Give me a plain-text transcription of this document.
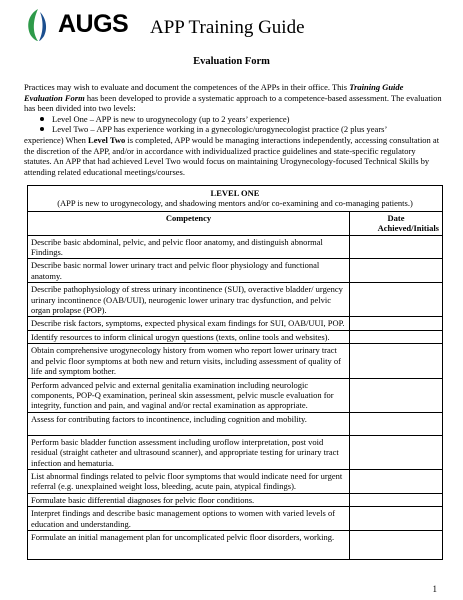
AUGS APP Training Guide
Evaluation Form

Practices may wish to evaluate and document the competences of the APPs in their office. This Training Guide Evaluation Form has been developed to provide a systematic approach to a competence-based assessment. The evaluation has been divided into two levels:

Level One – APP is new to urogynecology (up to 2 years’ experience)
Level Two – APP has experience working in a gynecologic/urogynecologist practice (2 plus years’

experience) When Level Two is completed, APP would be managing interactions independently, accessing consultation at the discretion of the APP, and/or in accordance with individualized practice guidelines and state-specific regulatory statutes. An APP that had achieved Level Two would focus on maintaining Urogynecology-focused Technical Skills by attending related educational meetings/courses.

LEVEL ONE
(APP is new to urogynecology, and shadowing mentors and/or co-examining and co-managing patients.)	

Competency	Date
Achieved/Initials

Describe basic abdominal, pelvic, and pelvic floor anatomy, and distinguish abnormal Findings.	
Describe basic normal lower urinary tract and pelvic floor physiology and functional anatomy.	
Describe pathophysiology of stress urinary incontinence (SUI), overactive bladder/ urgency urinary incontinence (OAB/UUI), neurogenic lower urinary trac dysfunction, and pelvic organ prolapse (POP).	
Describe risk factors, symptoms, expected physical exam findings for SUI, OAB/UUI, POP.	
Identify resources to inform clinical urogyn questions (texts, online tools and websites).	
Obtain comprehensive urogynecology history from women who report lower urinary tract and pelvic floor symptoms at both new and return visits, including assessment of quality of life and symptom bother.	
Perform advanced pelvic and external genitalia examination including neurologic components, POP-Q examination, perineal skin assessment, pelvic muscle evaluation for integrity, function and pain, and vaginal and/or rectal examination as appropriate.	
Assess for contributing factors to incontinence, including cognition and mobility.	
Perform basic bladder function assessment including uroflow interpretation, post void residual (straight catheter and ultrasound scanner), and appropriate testing for urinary tract infection and hematuria.	
List abnormal findings related to pelvic floor symptoms that would indicate need for urgent referral (e.g. unexplained weight loss, bleeding, acute pain, atypical findings).	
Formulate basic differential diagnoses for pelvic floor conditions.	
Interpret findings and describe basic management options to women with varied levels of education and understanding.	
Formulate an initial management plan for uncomplicated pelvic floor disorders, working.	
1
